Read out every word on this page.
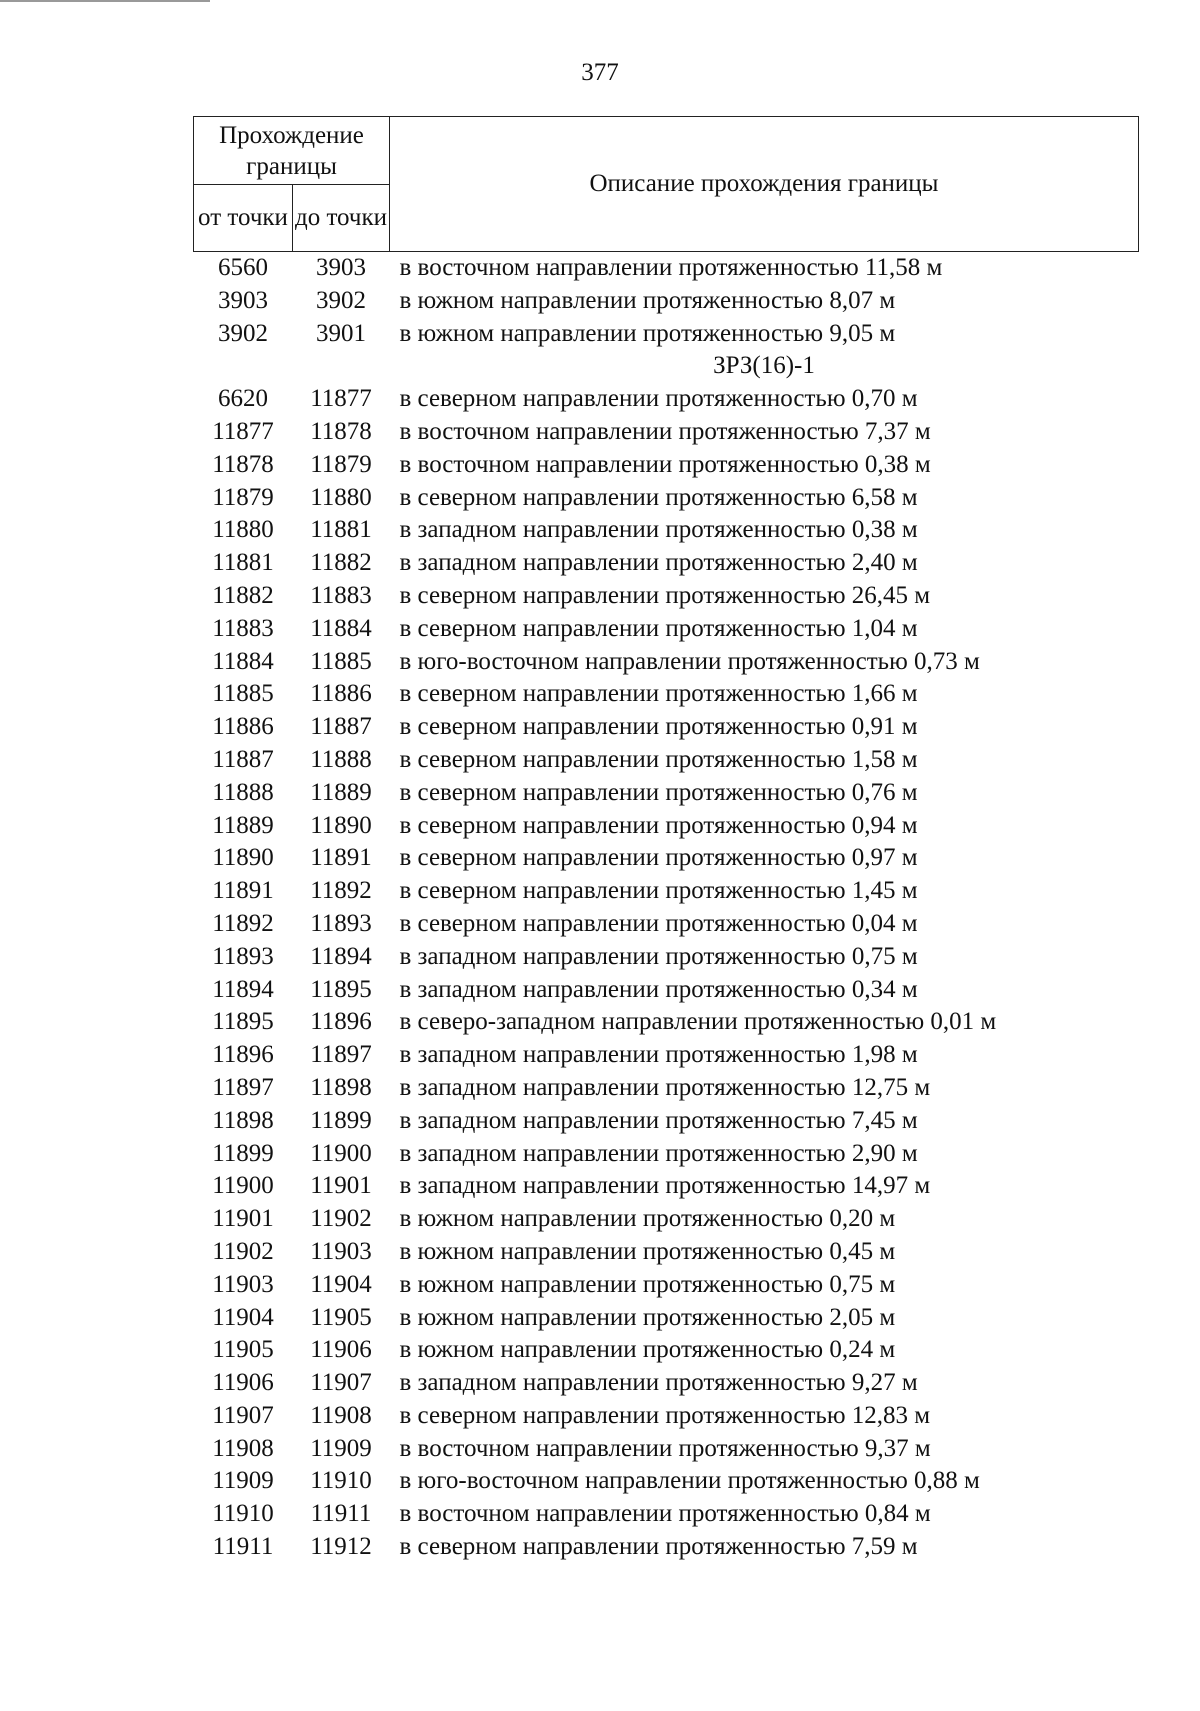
377
Прохождение границы		Описание прохождения границы
от точки	до точки	
6560	3903	в восточном направлении протяженностью 11,58 м
3903	3902	в южном направлении протяженностью 8,07 м
3902	3901	в южном направлении протяженностью 9,05 м
		ЗРЗ(16)-1
6620	11877	в северном направлении протяженностью 0,70 м
11877	11878	в восточном направлении протяженностью 7,37 м
11878	11879	в восточном направлении протяженностью 0,38 м
11879	11880	в северном направлении протяженностью 6,58 м
11880	11881	в западном направлении протяженностью 0,38 м
11881	11882	в западном направлении протяженностью 2,40 м
11882	11883	в северном направлении протяженностью 26,45 м
11883	11884	в северном направлении протяженностью 1,04 м
11884	11885	в юго-восточном направлении протяженностью 0,73 м
11885	11886	в северном направлении протяженностью 1,66 м
11886	11887	в северном направлении протяженностью 0,91 м
11887	11888	в северном направлении протяженностью 1,58 м
11888	11889	в северном направлении протяженностью 0,76 м
11889	11890	в северном направлении протяженностью 0,94 м
11890	11891	в северном направлении протяженностью 0,97 м
11891	11892	в северном направлении протяженностью 1,45 м
11892	11893	в северном направлении протяженностью 0,04 м
11893	11894	в западном направлении протяженностью 0,75 м
11894	11895	в западном направлении протяженностью 0,34 м
11895	11896	в северо-западном направлении протяженностью 0,01 м
11896	11897	в западном направлении протяженностью 1,98 м
11897	11898	в западном направлении протяженностью 12,75 м
11898	11899	в западном направлении протяженностью 7,45 м
11899	11900	в западном направлении протяженностью 2,90 м
11900	11901	в западном направлении протяженностью 14,97 м
11901	11902	в южном направлении протяженностью 0,20 м
11902	11903	в южном направлении протяженностью 0,45 м
11903	11904	в южном направлении протяженностью 0,75 м
11904	11905	в южном направлении протяженностью 2,05 м
11905	11906	в южном направлении протяженностью 0,24 м
11906	11907	в западном направлении протяженностью 9,27 м
11907	11908	в северном направлении протяженностью 12,83 м
11908	11909	в восточном направлении протяженностью 9,37 м
11909	11910	в юго-восточном направлении протяженностью 0,88 м
11910	11911	в восточном направлении протяженностью 0,84 м
11911	11912	в северном направлении протяженностью 7,59 м
